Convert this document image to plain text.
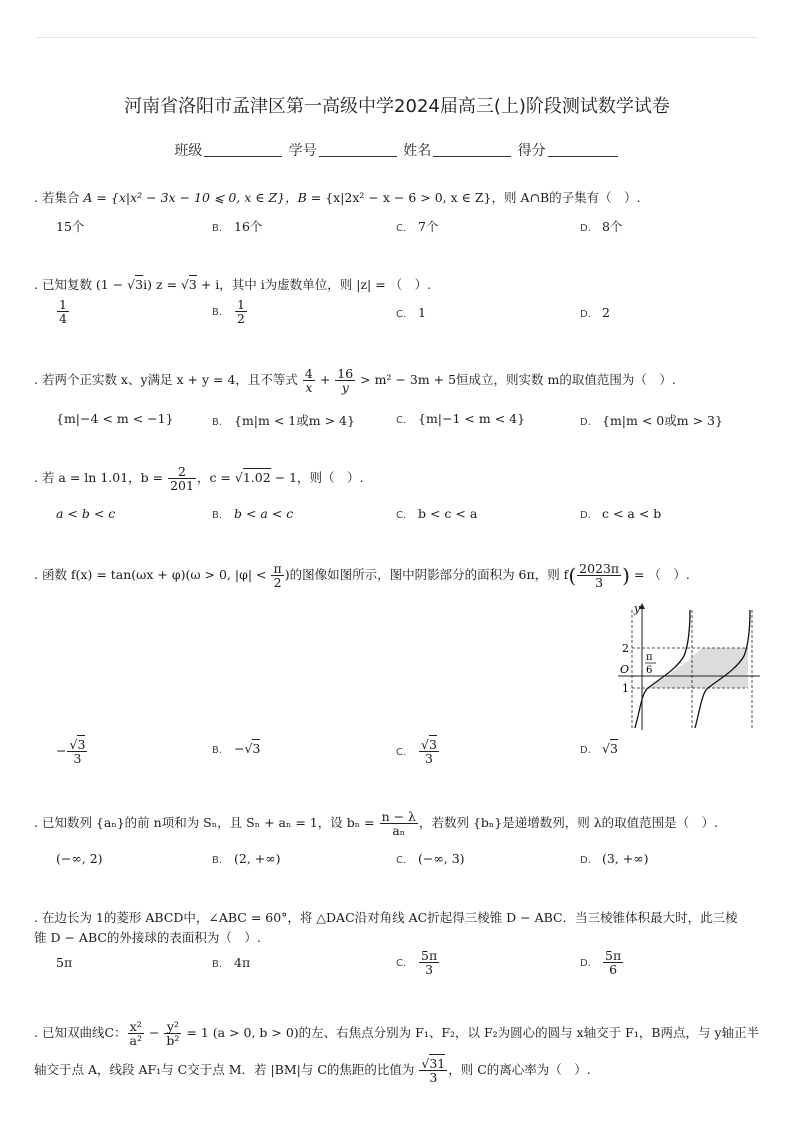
河南省洛阳市孟津区第一高级中学2024届高三(上)阶段测试数学试卷
班级	学号	姓名	得分
. 若集合 A = {x|x² − 3x − 10 ⩽ 0, x ∈ Z}，B = {x|2x² − x − 6 > 0, x ∈ Z}，则 A∩B的子集有（　）.
15个	B. 16个	C. 7个	D. 8个
. 已知复数 (1 − √3i) z = √3 + i，其中 i为虚数单位，则 |z| = （　）.
$\frac{1}{4}$	B. $\frac{1}{2}$	C. 1	D. 2
. 若两个正实数 x、y满足 x + y = 4，且不等式 $\frac{4}{x} + \frac{16}{y} > m^2 - 3m + 5$恒成立，则实数 m的取值范围为（　）.
{m|−4 < m < −1}	B. {m|m < 1或m > 4}	C. {m|−1 < m < 4}	D. {m|m < 0或m > 3}
. 若 a = ln 1.01，$b = \frac{2}{201}$ ，c = √1.02 − 1，则（　）.
a < b < c	B. b < a < c	C. b < c < a	D. c < a < b
. 函数 f(x) = tan(ωx + φ)(ω > 0, $|\varphi| < \frac{\pi}{2}$ )的图像如图所示，图中阴影部分的面积为 6π，则 $f( \frac{2023\pi}{3}$ ) = （　）.
y
2
O
π
6
1
− $\frac{√3}{3}$	B. −√3	C. $\frac{√3}{3}$	D. √3
. 已知数列 {aₙ}的前 n项和为 Sₙ，且 Sₙ + aₙ = 1，设 $b_n = \frac{n - \lambda}{\text{aₙ}}$ ，若数列 {bₙ}是递增数列，则 λ的取值范围是（　）.
(−∞, 2)	B. (2, +∞)	C. (−∞, 3)	D. (3, +∞)
. 在边长为 1的菱形 ABCD中，∠ABC = 60°，将 △DAC沿对角线 AC折起得三棱锥 D − ABC．当三棱锥体积最大时，此三棱
锥 D − ABC的外接球的表面积为（　）.
5π	B. 4π	C. $\frac{5\pi}{3}$	D. $\frac{5\pi}{6}$
. 已知双曲线C： $\frac{\text{x²}}{\text{a²}} - \frac{\text{y²}}{\text{b²}} = 1$ (a > 0, b > 0)的左、右焦点分别为 F₁、F₂，以 F₂为圆心的圆与 x轴交于 F₁，B两点，与 y轴正半
轴交于点 A，线段 AF₁与 C交于点 M．若 |BM|与 C的焦距的比值为 $\frac{√31}{3}$ ，则 C的离心率为（　）.
